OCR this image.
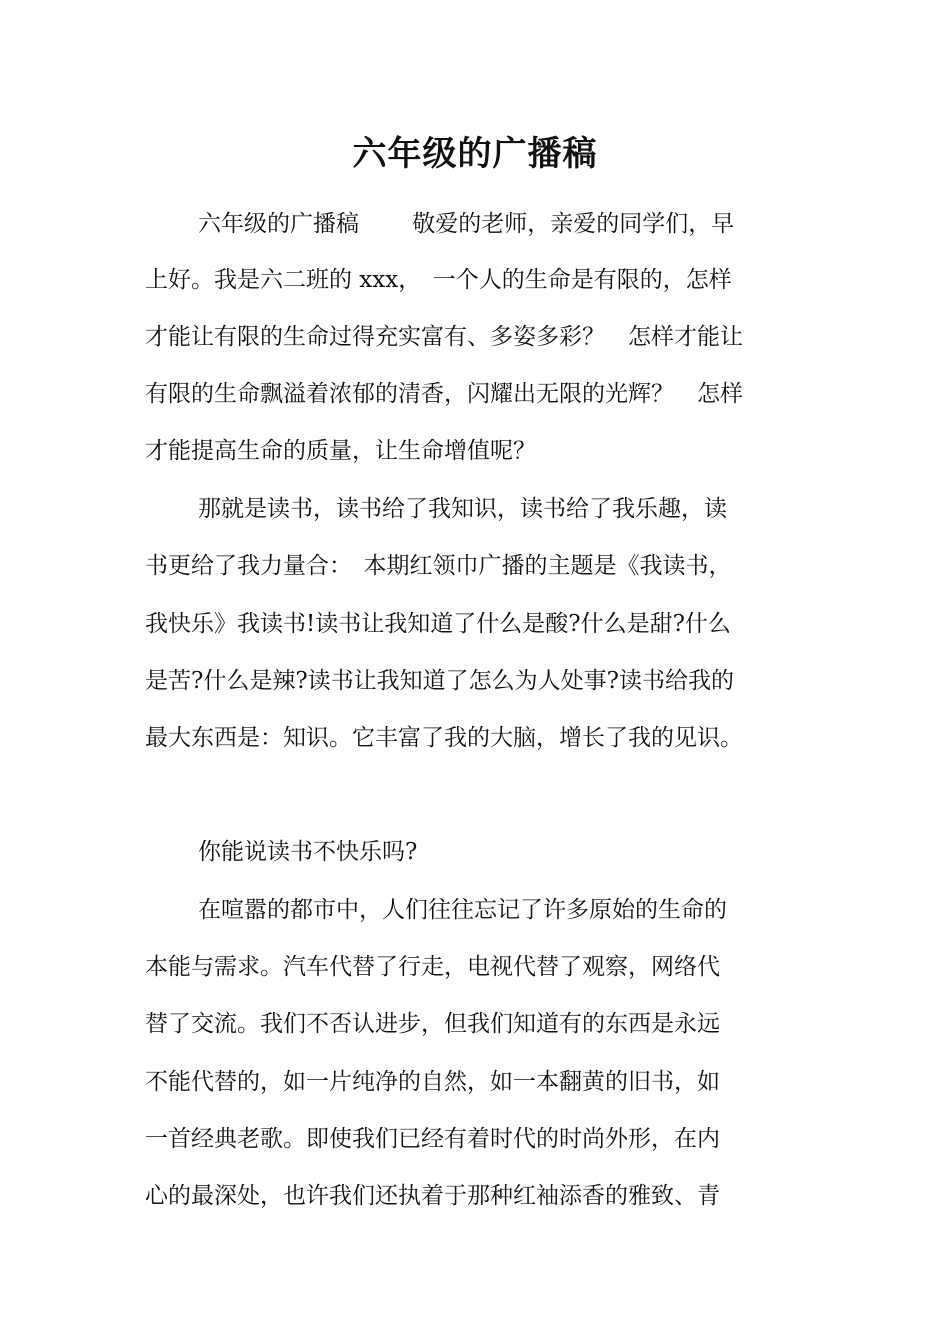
六年级的广播稿
六年级的广播稿　　 敬爱的老师，亲爱的同学们，早
上好。我是六二班的 xxx，　一个人的生命是有限的，怎样
才能让有限的生命过得充实富有、多姿多彩？　怎样才能让
有限的生命飘溢着浓郁的清香，闪耀出无限的光辉？　怎样
才能提高生命的质量，让生命增值呢？
那就是读书，读书给了我知识，读书给了我乐趣，读
书更给了我力量合：　本期红领巾广播的主题是《我读书，
我快乐》我读书!读书让我知道了什么是酸?什么是甜?什么
是苦?什么是辣?读书让我知道了怎么为人处事?读书给我的
最大东西是：知识。它丰富了我的大脑，增长了我的见识。
你能说读书不快乐吗?
在喧嚣的都市中，人们往往忘记了许多原始的生命的
本能与需求。汽车代替了行走，电视代替了观察，网络代
替了交流。我们不否认进步，但我们知道有的东西是永远
不能代替的，如一片纯净的自然，如一本翻黄的旧书，如
一首经典老歌。即使我们已经有着时代的时尚外形，在内
心的最深处，也许我们还执着于那种红袖添香的雅致、青
